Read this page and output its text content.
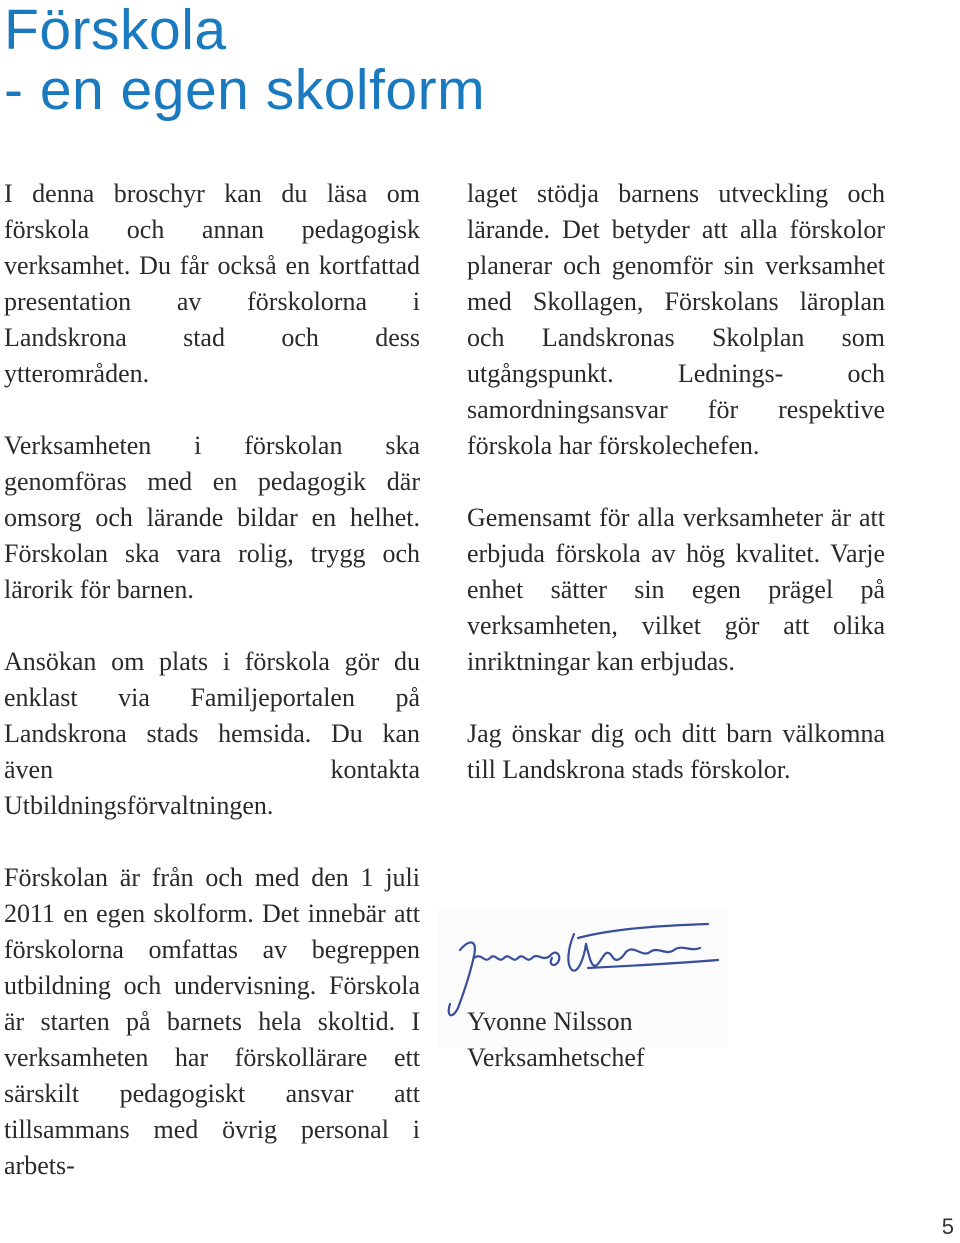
Förskola
- en egen skolform

I denna broschyr kan du läsa om förskola och annan pedagogisk verksamhet. Du får också en kortfattad presentation av förskolorna i Landskrona stad och dess ytterområden.

Verksamheten i förskolan ska genomföras med en pedagogik där omsorg och lärande bildar en helhet. Förskolan ska vara rolig, trygg och lärorik för barnen.

Ansökan om plats i förskola gör du enklast via Familjeportalen på Landskrona stads hemsida. Du kan även kontakta Utbildningsförvaltningen.

Förskolan är från och med den 1 juli 2011 en egen skolform. Det innebär att förskolorna omfattas av begreppen utbildning och undervisning. Förskola är starten på barnets hela skoltid. I verksamheten har förskollärare ett särskilt pedagogiskt ansvar att tillsammans med övrig personal i arbets-

laget stödja barnens utveckling och lärande. Det betyder att alla förskolor planerar och genomför sin verksamhet med Skollagen, Förskolans läroplan och Landskronas Skolplan som utgångspunkt. Lednings- och samordningsansvar för respektive förskola har förskolechefen.

Gemensamt för alla verksamheter är att erbjuda förskola av hög kvalitet. Varje enhet sätter sin egen prägel på verksamheten, vilket gör att olika inriktningar kan erbjudas.

Jag önskar dig och ditt barn välkomna till Landskrona stads förskolor.

Yvonne Nilsson
Verksamhetschef
5
